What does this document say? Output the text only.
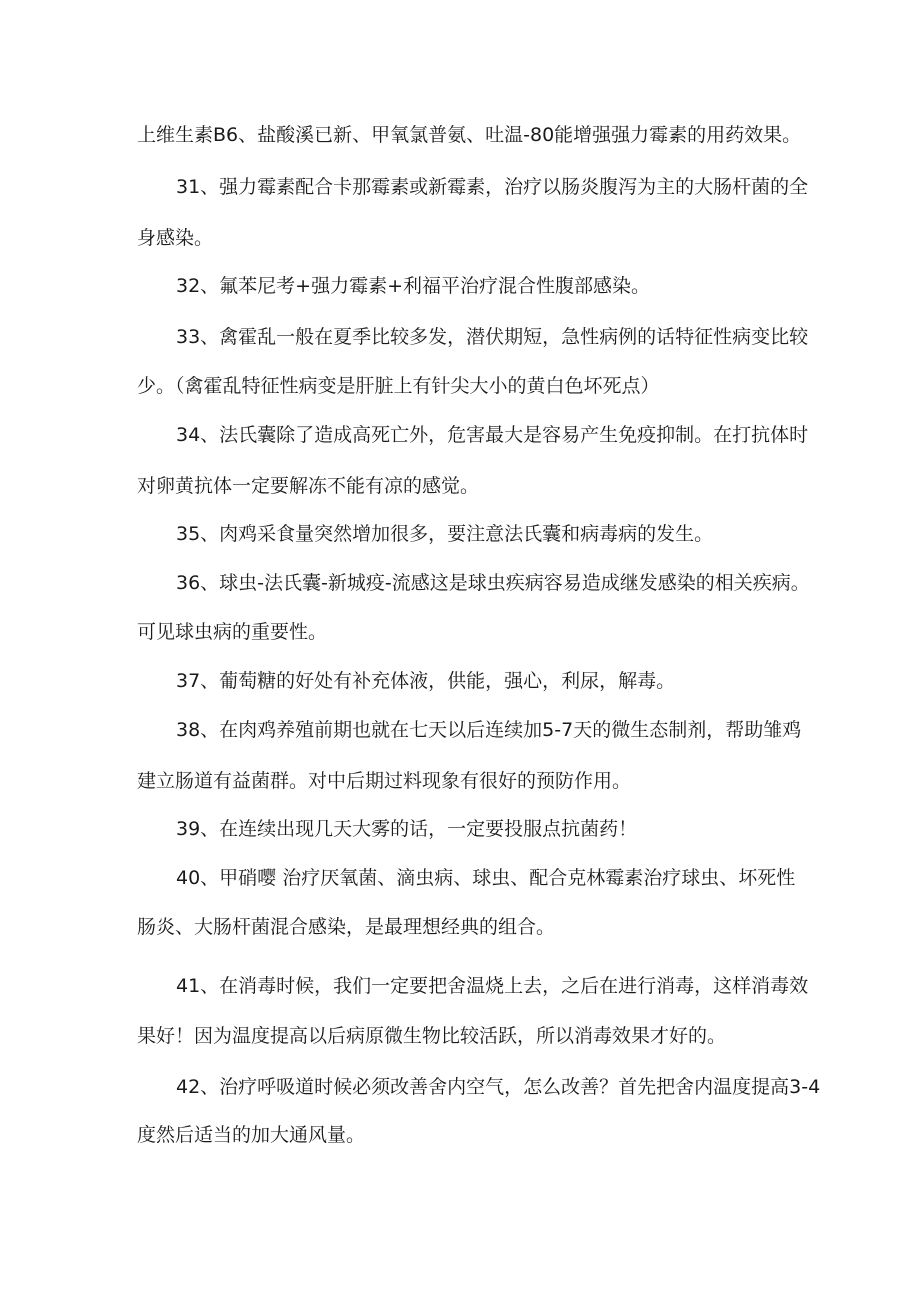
上维生素B6、盐酸溪已新、甲氧氯普氨、吐温-80能增强强力霉素的用药效果。
31、强力霉素配合卡那霉素或新霉素，治疗以肠炎腹泻为主的大肠杆菌的全
身感染。
32、氟苯尼考+强力霉素+利福平治疗混合性腹部感染。
33、禽霍乱一般在夏季比较多发，潜伏期短，急性病例的话特征性病变比较
少。（禽霍乱特征性病变是肝脏上有针尖大小的黄白色坏死点）
34、法氏囊除了造成高死亡外，危害最大是容易产生免疫抑制。在打抗体时
对卵黄抗体一定要解冻不能有凉的感觉。
35、肉鸡采食量突然增加很多，要注意法氏囊和病毒病的发生。
36、球虫-法氏囊-新城疫-流感这是球虫疾病容易造成继发感染的相关疾病。
可见球虫病的重要性。
37、葡萄糖的好处有补充体液，供能，强心，利尿，解毒。
38、在肉鸡养殖前期也就在七天以后连续加5-7天的微生态制剂，帮助雏鸡
建立肠道有益菌群。对中后期过料现象有很好的预防作用。
39、在连续出现几天大雾的话，一定要投服点抗菌药！
40、甲硝嘤 治疗厌氧菌、滴虫病、球虫、配合克林霉素治疗球虫、坏死性
肠炎、大肠杆菌混合感染，是最理想经典的组合。
41、在消毒时候，我们一定要把舍温烧上去，之后在进行消毒，这样消毒效
果好！因为温度提高以后病原微生物比较活跃，所以消毒效果才好的。
42、治疗呼吸道时候必须改善舍内空气，怎么改善？首先把舍内温度提高3-4
度然后适当的加大通风量。
